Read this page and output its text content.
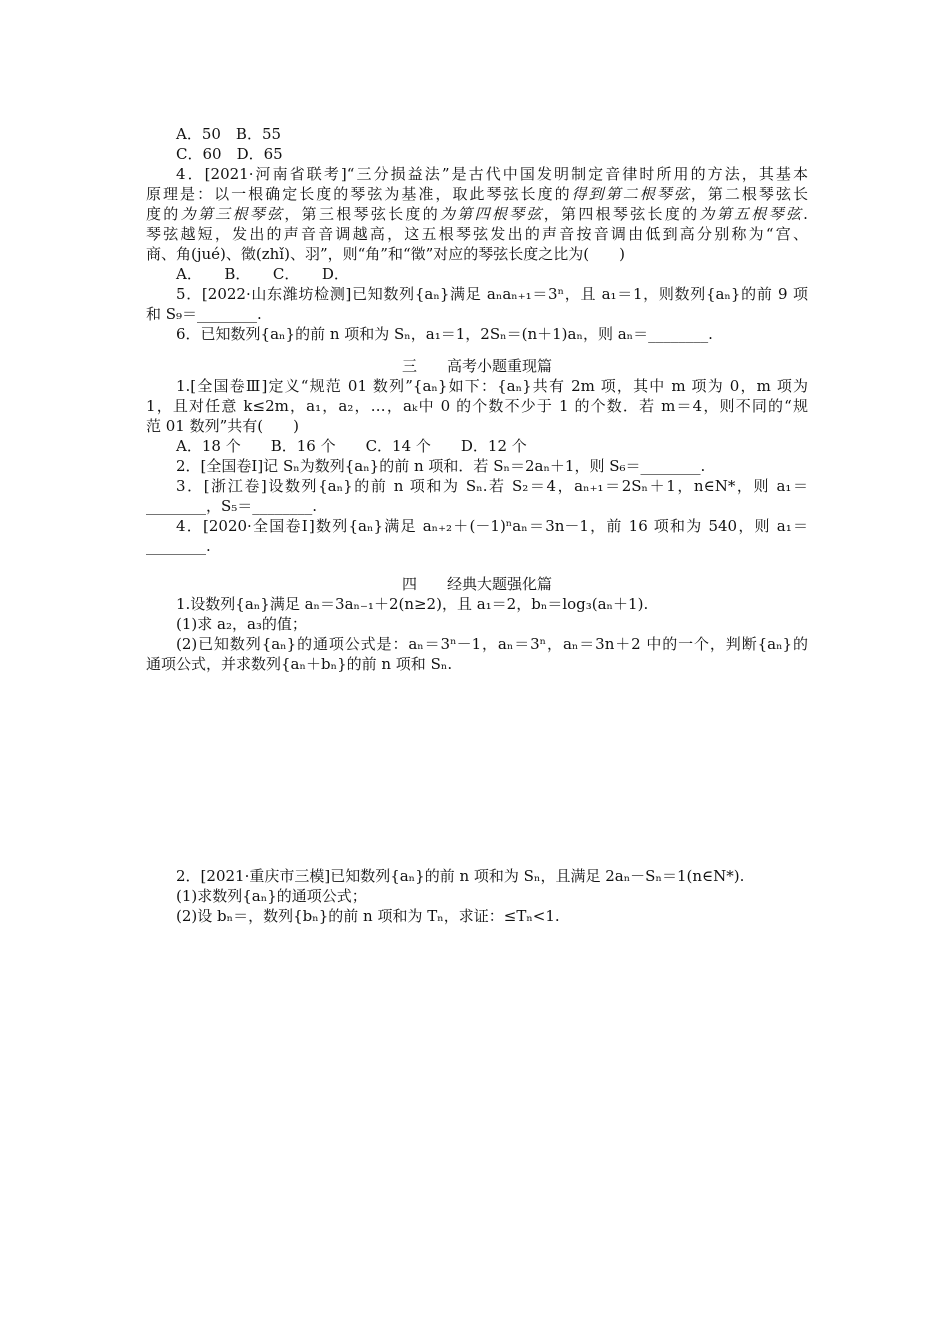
A．50　B．55
C．60　D．65
4．[2021·河南省联考]“三分损益法”是古代中国发明制定音律时所用的方法，其基本
原理是：以一根确定长度的琴弦为基准，取此琴弦长度的得到第二根琴弦，第二根琴弦长
度的为第三根琴弦，第三根琴弦长度的为第四根琴弦，第四根琴弦长度的为第五根琴弦.
琴弦越短，发出的声音音调越高，这五根琴弦发出的声音按音调由低到高分别称为“宫、
商、角(jué)、徵(zhǐ)、羽”，则“角”和“徵”对应的琴弦长度之比为(　　)
A．　　B．　　C．　　D．
5．[2022·山东潍坊检测]已知数列{aₙ}满足 aₙaₙ₊₁＝3ⁿ，且 a₁＝1，则数列{aₙ}的前 9 项
和 S₉＝________.
6．已知数列{aₙ}的前 n 项和为 Sₙ，a₁＝1，2Sₙ＝(n＋1)aₙ，则 aₙ＝________.
三　　 高考小题重现篇
1.[全国卷Ⅲ]定义“规范 01 数列”{aₙ}如下：{aₙ}共有 2m 项，其中 m 项为 0，m 项为
1，且对任意 k≤2m，a₁，a₂，…，aₖ中 0 的个数不少于 1 的个数．若 m＝4，则不同的“规
范 01 数列”共有(　　)
A．18 个　　B．16 个　　C．14 个　　D．12 个
2．[全国卷Ⅰ]记 Sₙ为数列{aₙ}的前 n 项和．若 Sₙ＝2aₙ＋1，则 S₆＝________.
3．[浙江卷]设数列{aₙ}的前 n 项和为 Sₙ.若 S₂＝4，aₙ₊₁＝2Sₙ＋1，n∈N*，则 a₁＝
________，S₅＝________.
4．[2020·全国卷Ⅰ]数列{aₙ}满足 aₙ₊₂＋(－1)ⁿaₙ＝3n－1，前 16 项和为 540，则 a₁＝
________.
四　　 经典大题强化篇
1.设数列{aₙ}满足 aₙ＝3aₙ₋₁＋2(n≥2)，且 a₁＝2，bₙ＝log₃(aₙ＋1).
(1)求 a₂，a₃的值；
(2)已知数列{aₙ}的通项公式是：aₙ＝3ⁿ－1，aₙ＝3ⁿ，aₙ＝3n＋2 中的一个，判断{aₙ}的
通项公式，并求数列{aₙ＋bₙ}的前 n 项和 Sₙ.
2．[2021·重庆市三模]已知数列{aₙ}的前 n 项和为 Sₙ，且满足 2aₙ－Sₙ＝1(n∈N*).
(1)求数列{aₙ}的通项公式；
(2)设 bₙ＝，数列{bₙ}的前 n 项和为 Tₙ，求证：≤Tₙ<1.
